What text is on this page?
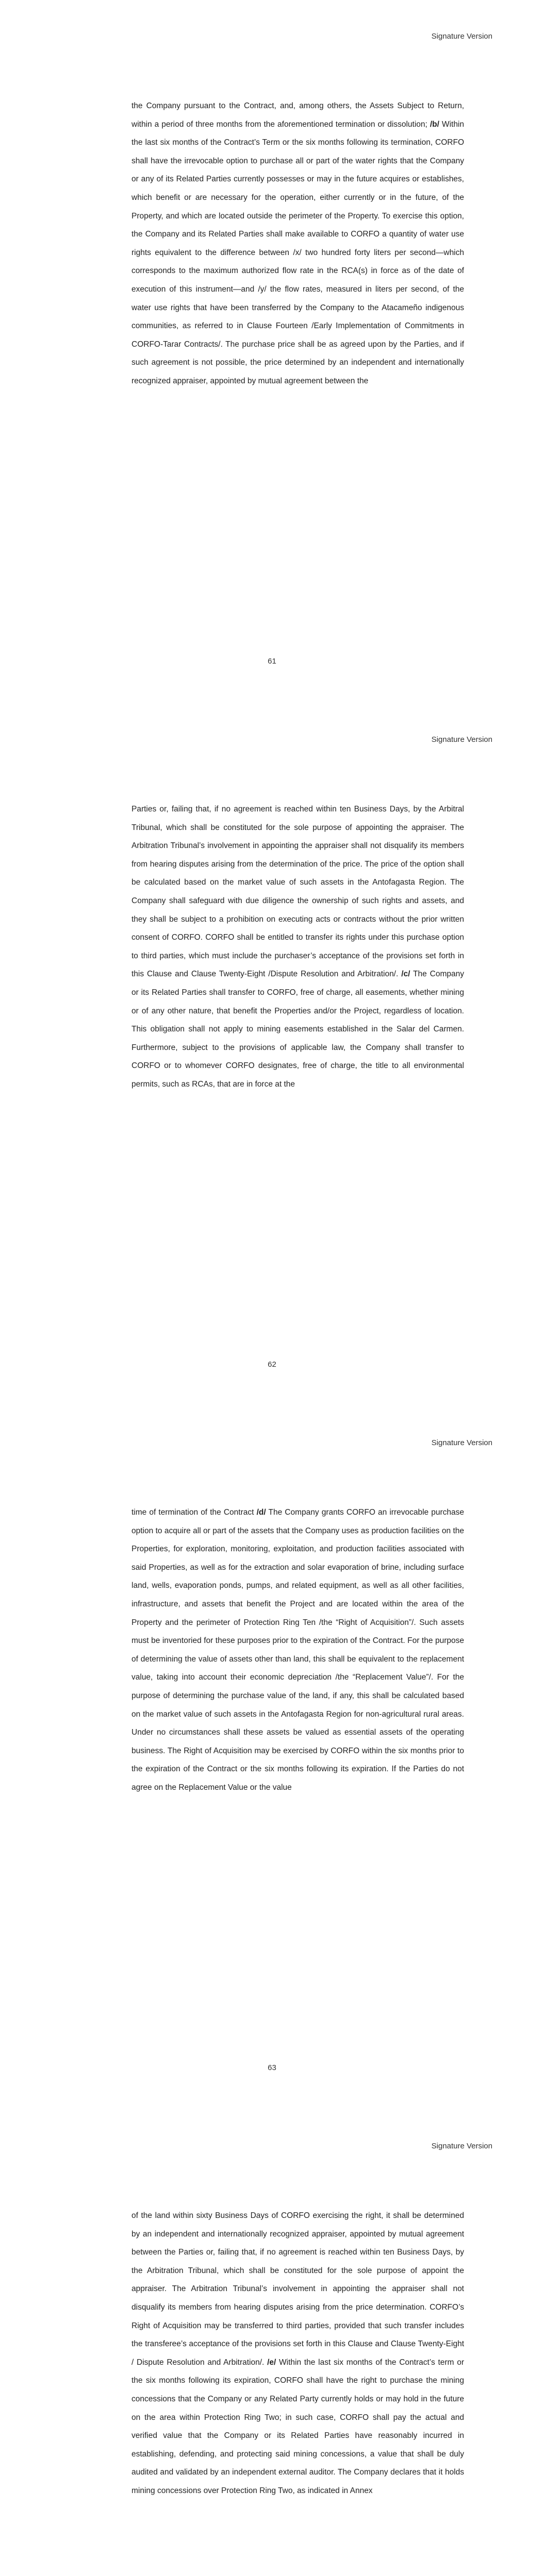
Signature Version
the Company pursuant to the Contract, and, among others, the Assets Subject to Return, within a period of three months from the aforementioned termination or dissolution; /b/ Within the last six months of the Contract’s Term or the six months following its termination, CORFO shall have the irrevocable option to purchase all or part of the water rights that the Company or any of its Related Parties currently possesses or may in the future acquires or establishes, which benefit or are necessary for the operation, either currently or in the future, of the Property, and which are located outside the perimeter of the Property. To exercise this option, the Company and its Related Parties shall make available to CORFO a quantity of water use rights equivalent to the difference between /x/ two hundred forty liters per second—which corresponds to the maximum authorized flow rate in the RCA(s) in force as of the date of execution of this instrument—and /y/ the flow rates, measured in liters per second, of the water use rights that have been transferred by the Company to the Atacameño indigenous communities, as referred to in Clause Fourteen /Early Implementation of Commitments in CORFO-Tarar Contracts/. The purchase price shall be as agreed upon by the Parties, and if such agreement is not possible, the price determined by an independent and internationally recognized appraiser, appointed by mutual agreement between the
61
Signature Version
Parties or, failing that, if no agreement is reached within ten Business Days, by the Arbitral Tribunal, which shall be constituted for the sole purpose of appointing the appraiser. The Arbitration Tribunal’s involvement in appointing the appraiser shall not disqualify its members from hearing disputes arising from the determination of the price. The price of the option shall be calculated based on the market value of such assets in the Antofagasta Region. The Company shall safeguard with due diligence the ownership of such rights and assets, and they shall be subject to a prohibition on executing acts or contracts without the prior written consent of CORFO. CORFO shall be entitled to transfer its rights under this purchase option to third parties, which must include the purchaser’s acceptance of the provisions set forth in this Clause and Clause Twenty-Eight /Dispute Resolution and Arbitration/. /c/ The Company or its Related Parties shall transfer to CORFO, free of charge, all easements, whether mining or of any other nature, that benefit the Properties and/or the Project, regardless of location. This obligation shall not apply to mining easements established in the Salar del Carmen. Furthermore, subject to the provisions of applicable law, the Company shall transfer to CORFO or to whomever CORFO designates, free of charge, the title to all environmental permits, such as RCAs, that are in force at the
62
Signature Version
time of termination of the Contract /d/ The Company grants CORFO an irrevocable purchase option to acquire all or part of the assets that the Company uses as production facilities on the Properties, for exploration, monitoring, exploitation, and production facilities associated with said Properties, as well as for the extraction and solar evaporation of brine, including surface land, wells, evaporation ponds, pumps, and related equipment, as well as all other facilities, infrastructure, and assets that benefit the Project and are located within the area of the Property and the perimeter of Protection Ring Ten /the “Right of Acquisition”/. Such assets must be inventoried for these purposes prior to the expiration of the Contract. For the purpose of determining the value of assets other than land, this shall be equivalent to the replacement value, taking into account their economic depreciation /the “Replacement Value”/. For the purpose of determining the purchase value of the land, if any, this shall be calculated based on the market value of such assets in the Antofagasta Region for non-agricultural rural areas. Under no circumstances shall these assets be valued as essential assets of the operating business. The Right of Acquisition may be exercised by CORFO within the six months prior to the expiration of the Contract or the six months following its expiration. If the Parties do not agree on the Replacement Value or the value
63
Signature Version
of the land within sixty Business Days of CORFO exercising the right, it shall be determined by an independent and internationally recognized appraiser, appointed by mutual agreement between the Parties or, failing that, if no agreement is reached within ten Business Days, by the Arbitration Tribunal, which shall be constituted for the sole purpose of appoint the appraiser. The Arbitration Tribunal’s involvement in appointing the appraiser shall not disqualify its members from hearing disputes arising from the price determination. CORFO’s Right of Acquisition may be transferred to third parties, provided that such transfer includes the transferee’s acceptance of the provisions set forth in this Clause and Clause Twenty-Eight / Dispute Resolution and Arbitration/. /e/ Within the last six months of the Contract’s term or the six months following its expiration, CORFO shall have the right to purchase the mining concessions that the Company or any Related Party currently holds or may hold in the future on the area within Protection Ring Two; in such case, CORFO shall pay the actual and verified value that the Company or its Related Parties have reasonably incurred in establishing, defending, and protecting said mining concessions, a value that shall be duly audited and validated by an independent external auditor. The Company declares that it holds mining concessions over Protection Ring Two, as indicated in Annex
